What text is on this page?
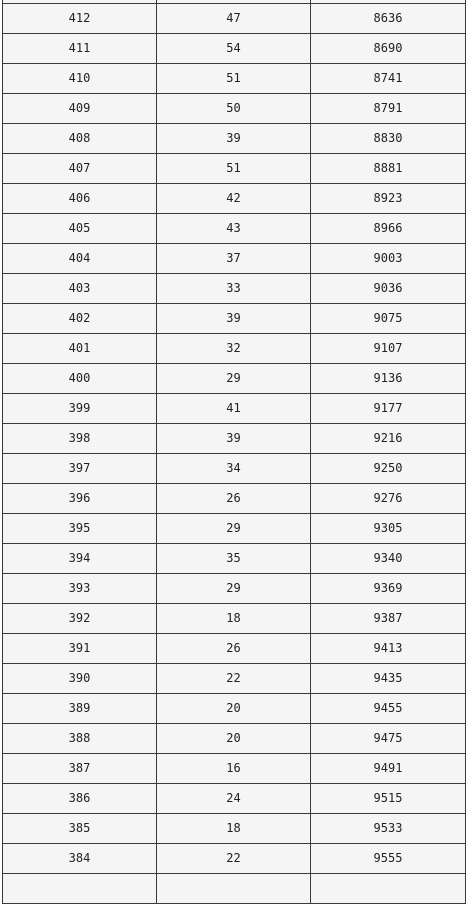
412	47	8636
411	54	8690
410	51	8741
409	50	8791
408	39	8830
407	51	8881
406	42	8923
405	43	8966
404	37	9003
403	33	9036
402	39	9075
401	32	9107
400	29	9136
399	41	9177
398	39	9216
397	34	9250
396	26	9276
395	29	9305
394	35	9340
393	29	9369
392	18	9387
391	26	9413
390	22	9435
389	20	9455
388	20	9475
387	16	9491
386	24	9515
385	18	9533
384	22	9555
